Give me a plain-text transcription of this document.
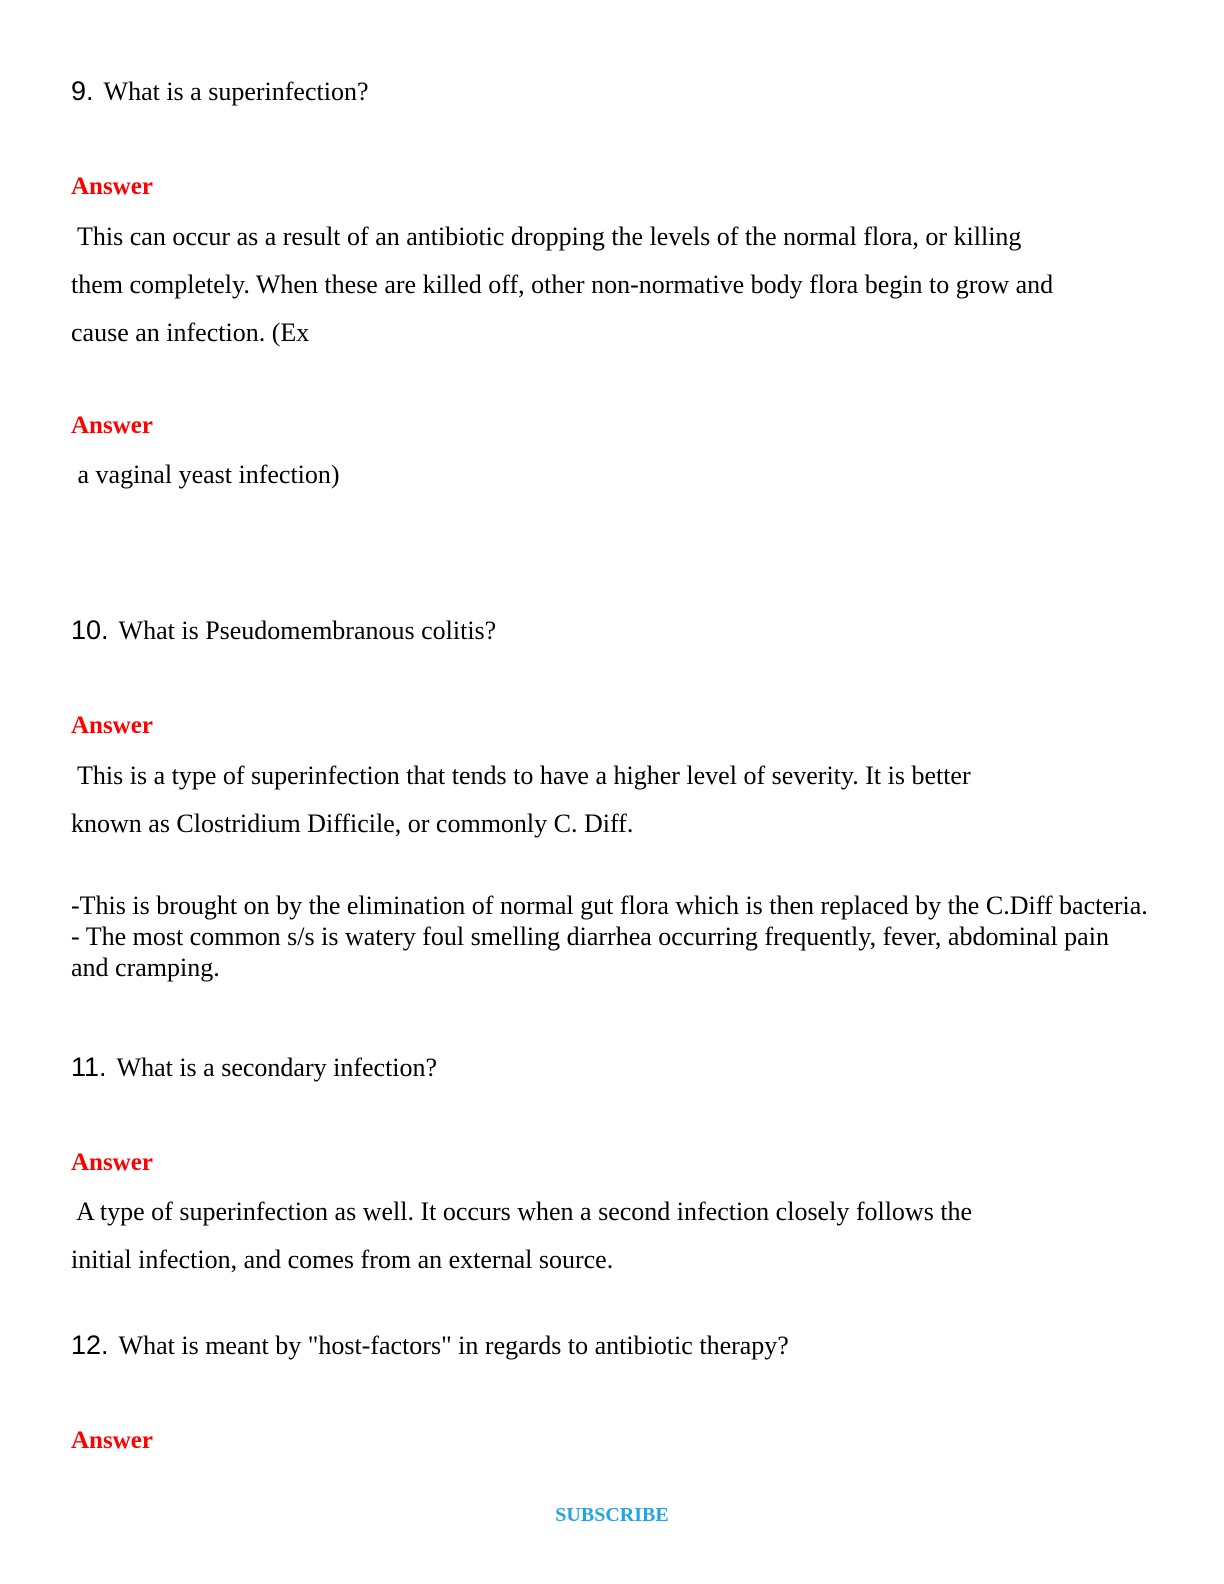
9. What is a superinfection?
Answer
This can occur as a result of an antibiotic dropping the levels of the normal flora, or killing
them completely. When these are killed off, other non-normative body flora begin to grow and
cause an infection. (Ex
Answer
a vaginal yeast infection)
10. What is Pseudomembranous colitis?
Answer
This is a type of superinfection that tends to have a higher level of severity. It is better
known as Clostridium Difficile, or commonly C. Diff.
-This is brought on by the elimination of normal gut flora which is then replaced by the C.Diff bacteria.
- The most common s/s is watery foul smelling diarrhea occurring frequently, fever, abdominal pain and cramping.
11. What is a secondary infection?
Answer
A type of superinfection as well. It occurs when a second infection closely follows the
initial infection, and comes from an external source.
12. What is meant by "host-factors" in regards to antibiotic therapy?
Answer
SUBSCRIBE
